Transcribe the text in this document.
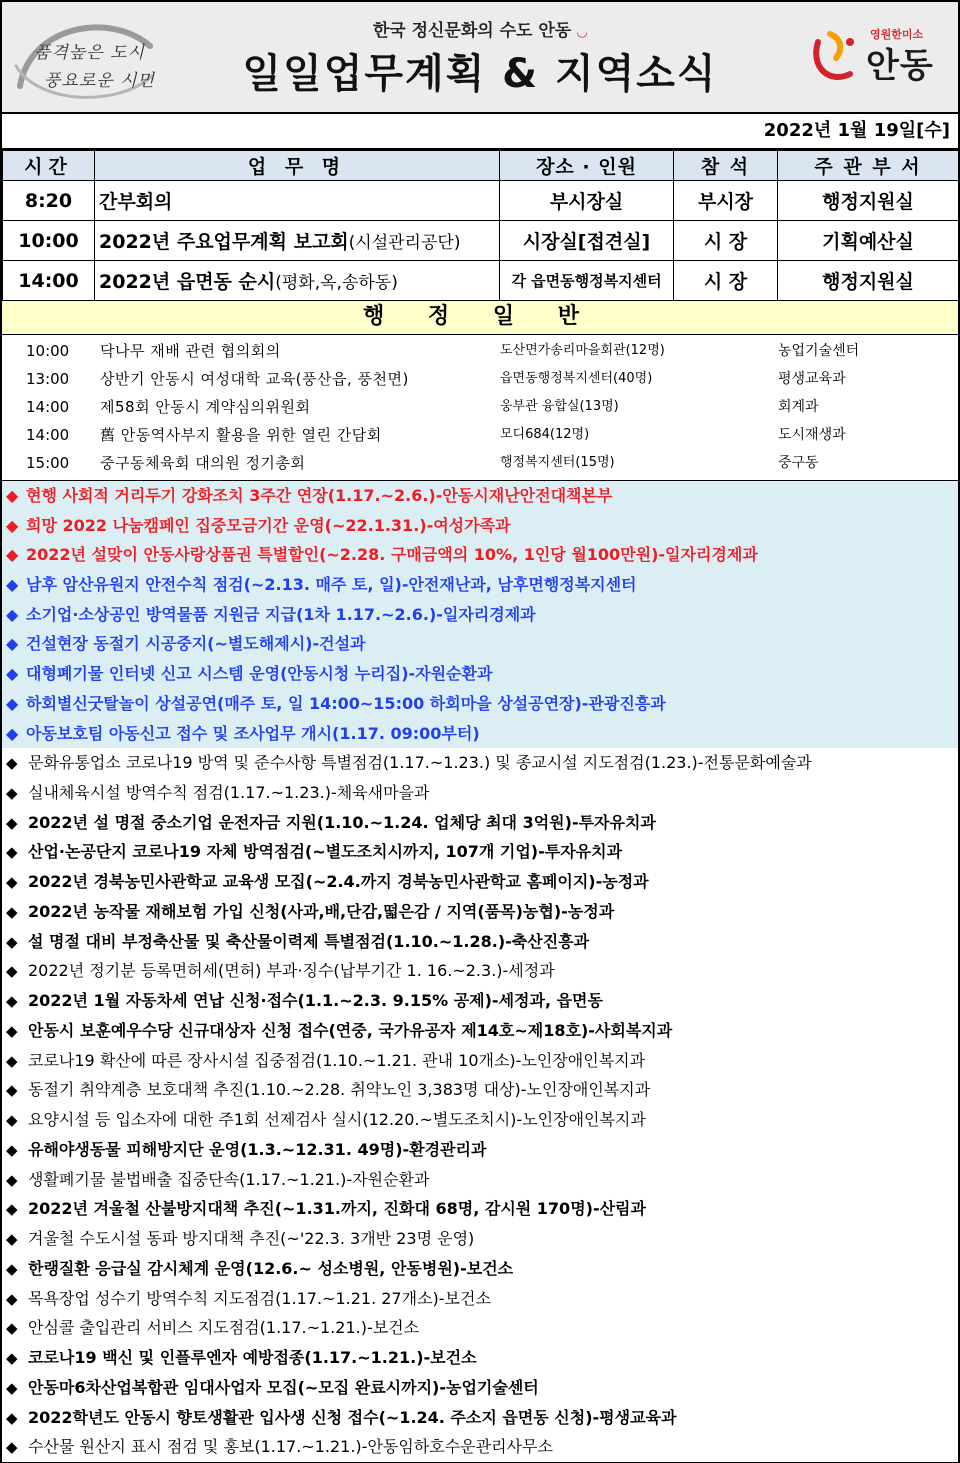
품격높은 도시
풍요로운 시민
한국 정신문화의 수도 안동 ◡
일일업무계획 & 지역소식
영원한미소
안동
2022년 1월 19일[수]
시간	업 무 명	장소 · 인원	참 석	주 관 부 서
8:20	간부회의	부시장실	부시장	행정지원실
10:00	2022년 주요업무계획 보고회(시설관리공단)	시장실[접견실]	시 장	기획예산실
14:00	2022년 읍면동 순시(평화,옥,송하동)	각 읍면동행정복지센터	시 장	행정지원실
행 정 일 반
10:00 닥나무 재배 관련 협의회의	도산면가송리마을회관(12명)	농업기술센터
13:00 상반기 안동시 여성대학 교육(풍산읍, 풍천면)	읍면동행정복지센터(40명)	평생교육과
14:00 제58회 안동시 계약심의위원회	웅부관 융합실(13명)	회계과
14:00 舊 안동역사부지 활용을 위한 열린 간담회	모디684(12명)	도시재생과
15:00 중구동체육회 대의원 정기총회	행정복지센터(15명)	중구동
◆ 현행 사회적 거리두기 강화조치 3주간 연장(1.17.~2.6.)-안동시재난안전대책본부
◆ 희망 2022 나눔캠페인 집중모금기간 운영(~22.1.31.)-여성가족과
◆ 2022년 설맞이 안동사랑상품권 특별할인(~2.28. 구매금액의 10%, 1인당 월100만원)-일자리경제과
◆ 남후 암산유원지 안전수칙 점검(~2.13. 매주 토, 일)-안전재난과, 남후면행정복지센터
◆ 소기업·소상공인 방역물품 지원금 지급(1차 1.17.~2.6.)-일자리경제과
◆ 건설현장 동절기 시공중지(~별도해제시)-건설과
◆ 대형폐기물 인터넷 신고 시스템 운영(안동시청 누리집)-자원순환과
◆ 하회별신굿탈놀이 상설공연(매주 토, 일 14:00~15:00 하회마을 상설공연장)-관광진흥과
◆ 아동보호팀 아동신고 접수 및 조사업무 개시(1.17. 09:00부터)
◆ 문화유통업소 코로나19 방역 및 준수사항 특별점검(1.17.~1.23.) 및 종교시설 지도점검(1.23.)-전통문화예술과
◆ 실내체육시설 방역수칙 점검(1.17.~1.23.)-체육새마을과
◆ 2022년 설 명절 중소기업 운전자금 지원(1.10.~1.24. 업체당 최대 3억원)-투자유치과
◆ 산업·논공단지 코로나19 자체 방역점검(~별도조치시까지, 107개 기업)-투자유치과
◆ 2022년 경북농민사관학교 교육생 모집(~2.4.까지 경북농민사관학교 홈페이지)-농정과
◆ 2022년 농작물 재해보험 가입 신청(사과,배,단감,떫은감 / 지역(품목)농협)-농정과
◆ 설 명절 대비 부정축산물 및 축산물이력제 특별점검(1.10.~1.28.)-축산진흥과
◆ 2022년 정기분 등록면허세(면허) 부과·징수(납부기간 1. 16.~2.3.)-세정과
◆ 2022년 1월 자동차세 연납 신청·접수(1.1.~2.3. 9.15% 공제)-세정과, 읍면동
◆ 안동시 보훈예우수당 신규대상자 신청 접수(연중, 국가유공자 제14호~제18호)-사회복지과
◆ 코로나19 확산에 따른 장사시설 집중점검(1.10.~1.21. 관내 10개소)-노인장애인복지과
◆ 동절기 취약계층 보호대책 추진(1.10.~2.28. 취약노인 3,383명 대상)-노인장애인복지과
◆ 요양시설 등 입소자에 대한 주1회 선제검사 실시(12.20.~별도조치시)-노인장애인복지과
◆ 유해야생동물 피해방지단 운영(1.3.~12.31. 49명)-환경관리과
◆ 생활폐기물 불법배출 집중단속(1.17.~1.21.)-자원순환과
◆ 2022년 겨울철 산불방지대책 추진(~1.31.까지, 진화대 68명, 감시원 170명)-산림과
◆ 겨울철 수도시설 동파 방지대책 추진(~'22.3. 3개반 23명 운영)
◆ 한랭질환 응급실 감시체계 운영(12.6.~ 성소병원, 안동병원)-보건소
◆ 목욕장업 성수기 방역수칙 지도점검(1.17.~1.21. 27개소)-보건소
◆ 안심콜 출입관리 서비스 지도점검(1.17.~1.21.)-보건소
◆ 코로나19 백신 및 인플루엔자 예방접종(1.17.~1.21.)-보건소
◆ 안동마6차산업복합관 임대사업자 모집(~모집 완료시까지)-농업기술센터
◆ 2022학년도 안동시 향토생활관 입사생 신청 접수(~1.24. 주소지 읍면동 신청)-평생교육과
◆ 수산물 원산지 표시 점검 및 홍보(1.17.~1.21.)-안동임하호수운관리사무소
